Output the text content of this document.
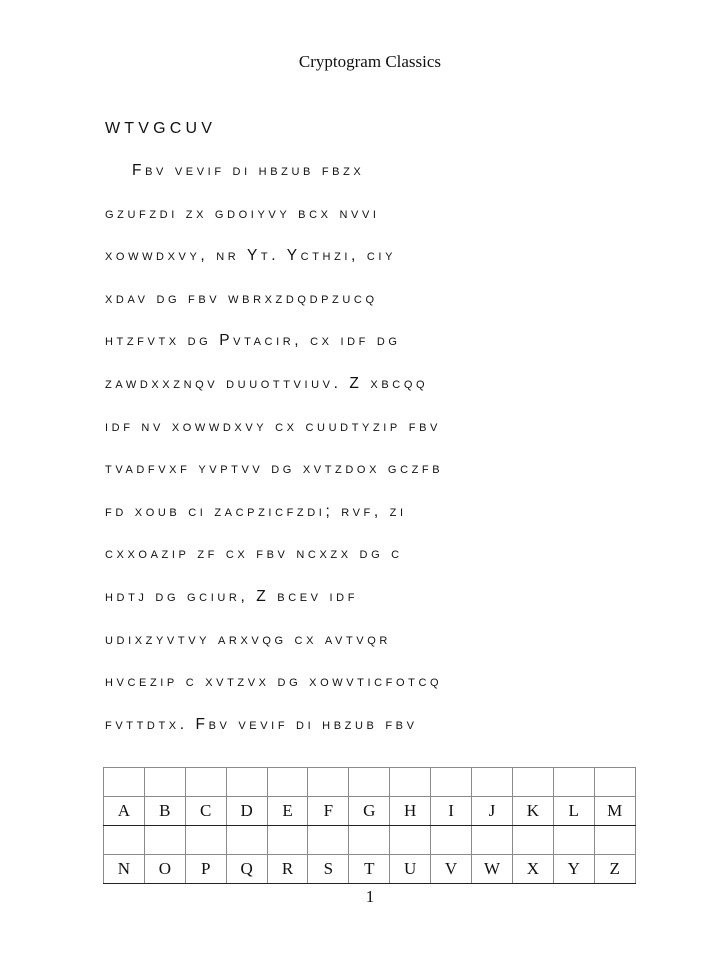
Cryptogram Classics
WTVGCUV
Fbv vevif di hbzub fbzx
gzufzdi zx gdoiyvy bcx nvvi
xowwdxvy, nr Yt. Ycthzi, ciy
xdav dg fbv wbrxzdqdpzucq
htzfvtx dg Pvtacir, cx idf dg
zawdxxznqv duuottviuv. Z xbcqq
idf nv xowwdxvy cx cuudtyzip fbv
tvadfvxf yvptvv dg xvtzdox gczfb
fd xoub ci zacpzicfzdi; rvf, zi
cxxoazip zf cx fbv ncxzx dg c
hdtj dg gciur, Z bcev idf
udixzyvtvy arxvqg cx avtvqr
hvcezip c xvtzvx dg xowvticfotcq
fvttdtx. Fbv vevif di hbzub fbv

A	B	C	D	E	F	G	H	I	J	K	L	M

N	O	P	Q	R	S	T	U	V	W	X	Y	Z
1
